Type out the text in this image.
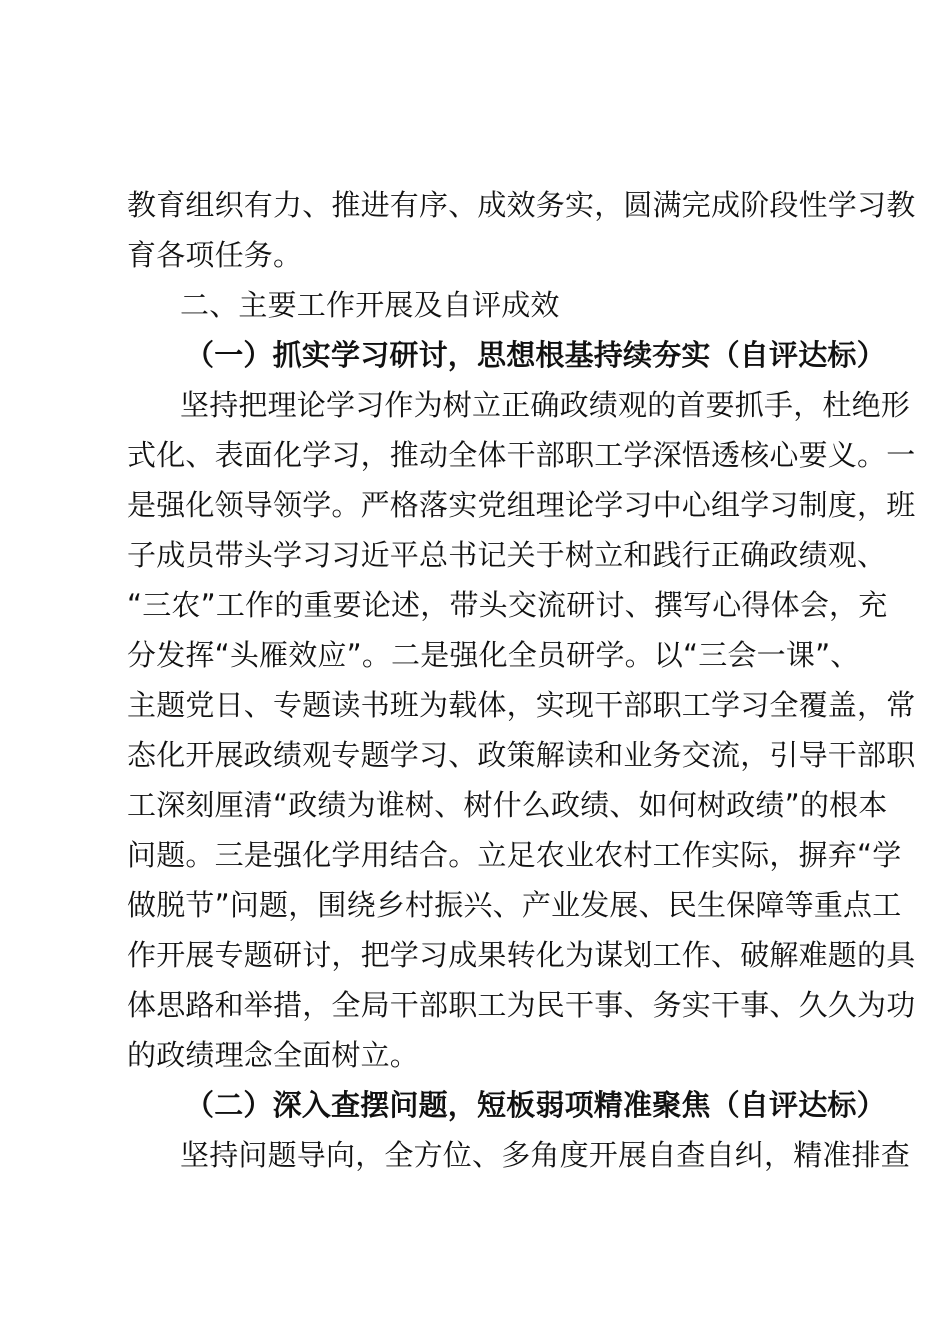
教育组织有力、推进有序、成效务实，圆满完成阶段性学习教
育各项任务。
二、主要工作开展及自评成效
（一）抓实学习研讨，思想根基持续夯实（自评达标）
坚持把理论学习作为树立正确政绩观的首要抓手，杜绝形
式化、表面化学习，推动全体干部职工学深悟透核心要义。一
是强化领导领学。严格落实党组理论学习中心组学习制度，班
子成员带头学习习近平总书记关于树立和践行正确政绩观、
“三农”工作的重要论述，带头交流研讨、撰写心得体会，充
分发挥“头雁效应”。二是强化全员研学。以“三会一课”、
主题党日、专题读书班为载体，实现干部职工学习全覆盖，常
态化开展政绩观专题学习、政策解读和业务交流，引导干部职
工深刻厘清“政绩为谁树、树什么政绩、如何树政绩”的根本
问题。三是强化学用结合。立足农业农村工作实际，摒弃“学
做脱节”问题，围绕乡村振兴、产业发展、民生保障等重点工
作开展专题研讨，把学习成果转化为谋划工作、破解难题的具
体思路和举措，全局干部职工为民干事、务实干事、久久为功
的政绩理念全面树立。
（二）深入查摆问题，短板弱项精准聚焦（自评达标）
坚持问题导向，全方位、多角度开展自查自纠，精准排查
